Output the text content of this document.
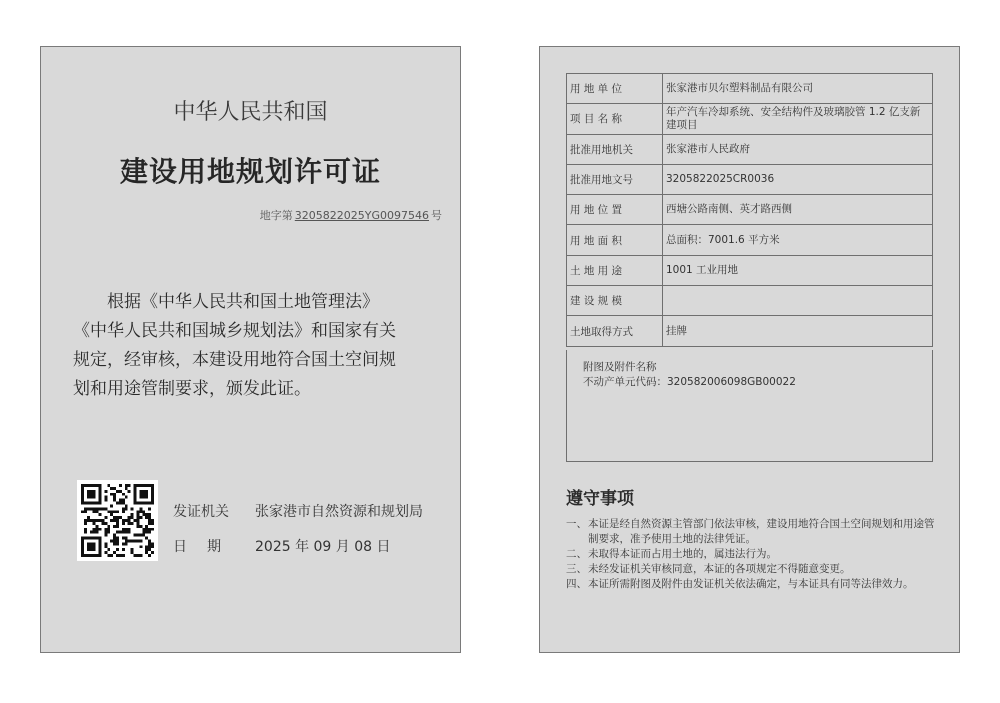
中华人民共和国
建设用地规划许可证
地字第 3205822025YG0097546 号
根据《中华人民共和国土地管理法》
《中华人民共和国城乡规划法》和国家有关
规定，经审核，本建设用地符合国土空间规
划和用途管制要求，颁发此证。
发证机关 张家港市自然资源和规划局
日期 2025 年 09 月 08 日
用 地 单 位	张家港市贝尔塑料制品有限公司
项 目 名 称	年产汽车冷却系统、安全结构件及玻璃胶管 1.2 亿支新建项目
批准用地机关	张家港市人民政府
批准用地文号	3205822025CR0036
用 地 位 置	西塘公路南侧、英才路西侧
用 地 面 积	总面积：7001.6 平方米
土 地 用 途	1001 工业用地
建 设 规 模	
土地取得方式	挂牌
附图及附件名称
不动产单元代码：320582006098GB00022
遵守事项
一、 本证是经自然资源主管部门依法审核，建设用地符合国土空间规划和用途管制要求，准予使用土地的法律凭证。
二、 未取得本证而占用土地的，属违法行为。
三、 未经发证机关审核同意，本证的各项规定不得随意变更。
四、 本证所需附图及附件由发证机关依法确定，与本证具有同等法律效力。
